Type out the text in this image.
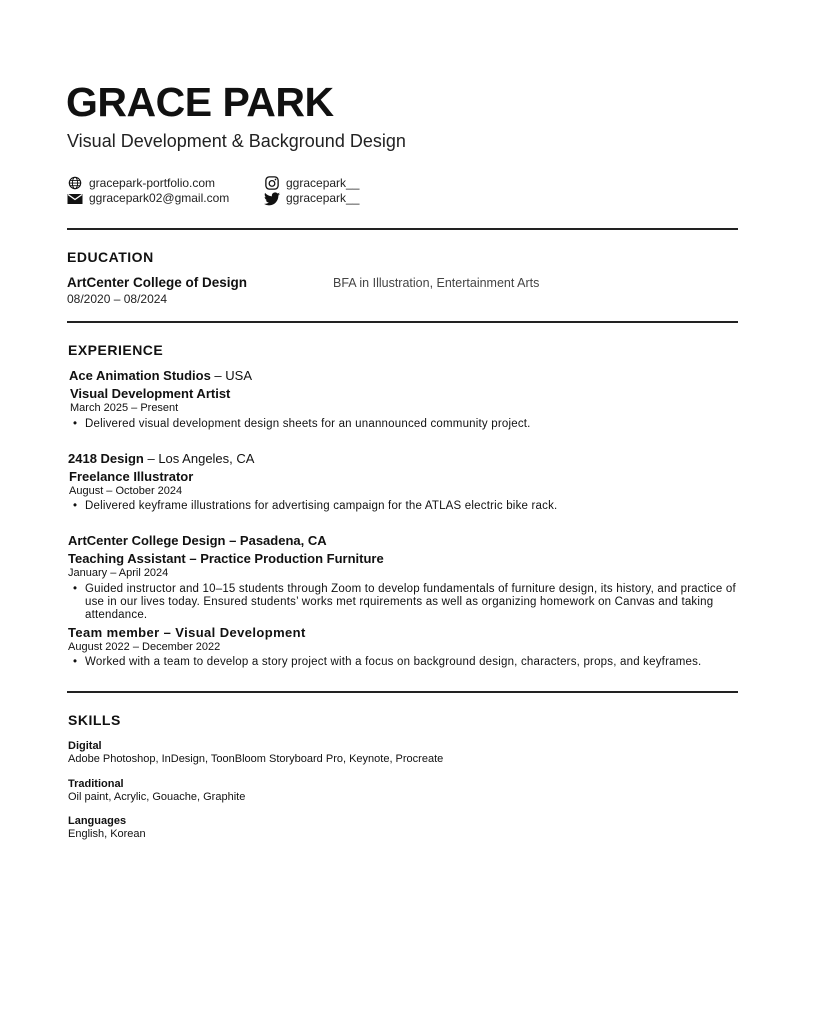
GRACE PARK
Visual Development & Background Design
gracepark-portfolio.com
ggracepark02@gmail.com
ggracepark__
ggracepark__
EDUCATION
ArtCenter College of Design
08/2020 – 08/2024
BFA in Illustration, Entertainment Arts
EXPERIENCE
Ace Animation Studios – USA
Visual Development Artist
March 2025 – Present
• Delivered visual development design sheets for an unannounced community project.
2418 Design – Los Angeles, CA
Freelance Illustrator
August – October 2024
• Delivered keyframe illustrations for advertising campaign for the ATLAS electric bike rack.
ArtCenter College Design – Pasadena, CA
Teaching Assistant – Practice Production Furniture
January – April 2024
• Guided instructor and 10–15 students through Zoom to develop fundamentals of furniture design, its history, and practice of use in our lives today. Ensured students’ works met rquirements as well as organizing homework on Canvas and taking attendance.
Team member – Visual Development
August 2022 – December 2022
• Worked with a team to develop a story project with a focus on background design, characters, props, and keyframes.
SKILLS
Digital
Adobe Photoshop, InDesign, ToonBloom Storyboard Pro, Keynote, Procreate
Traditional
Oil paint, Acrylic, Gouache, Graphite
Languages
English, Korean
